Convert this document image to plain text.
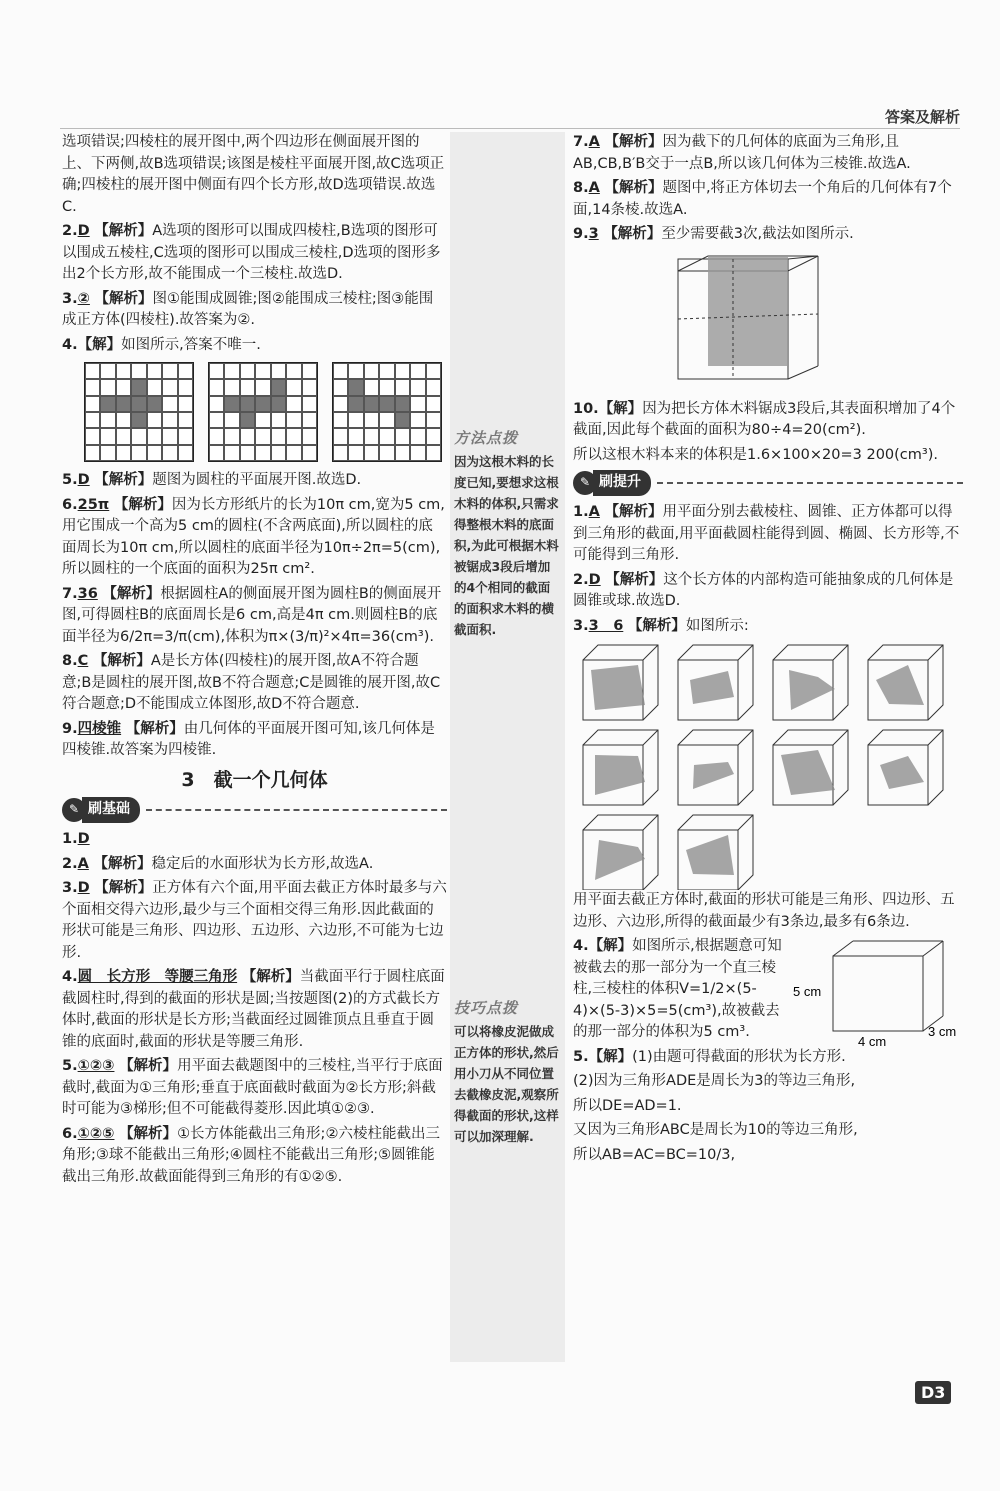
答案及解析

选项错误;四棱柱的展开图中,两个四边形在侧面展开图的上、下两侧,故B选项错误;该图是棱柱平面展开图,故C选项正确;四棱柱的展开图中侧面有四个长方形,故D选项错误.故选C.

2.D 【解析】A选项的图形可以围成四棱柱,B选项的图形可以围成五棱柱,C选项的图形可以围成三棱柱,D选项的图形多出2个长方形,故不能围成一个三棱柱.故选D.

3.② 【解析】图①能围成圆锥;图②能围成三棱柱;图③能围成正方体(四棱柱).故答案为②.

4.【解】如图所示,答案不唯一.

5.D 【解析】题图为圆柱的平面展开图.故选D.

6.25π 【解析】因为长方形纸片的长为10π cm,宽为5 cm,用它围成一个高为5 cm的圆柱(不含两底面),所以圆柱的底面周长为10π cm,所以圆柱的底面半径为10π÷2π=5(cm),所以圆柱的一个底面的面积为25π cm².

7.36 【解析】根据圆柱A的侧面展开图为圆柱B的侧面展开图,可得圆柱B的底面周长是6 cm,高是4π cm.则圆柱B的底面半径为6/2π=3/π(cm),体积为π×(3/π)²×4π=36(cm³).

8.C 【解析】A是长方体(四棱柱)的展开图,故A不符合题意;B是圆柱的展开图,故B不符合题意;C是圆锥的展开图,故C符合题意;D不能围成立体图形,故D不符合题意.

9.四棱锥 【解析】由几何体的平面展开图可知,该几何体是四棱锥.故答案为四棱锥.

3　截一个几何体
✎ 刷基础

1.D

2.A 【解析】稳定后的水面形状为长方形,故选A.

3.D 【解析】正方体有六个面,用平面去截正方体时最多与六个面相交得六边形,最少与三个面相交得三角形.因此截面的形状可能是三角形、四边形、五边形、六边形,不可能为七边形.

4.圆　长方形　等腰三角形 【解析】当截面平行于圆柱底面截圆柱时,得到的截面的形状是圆;当按题图(2)的方式截长方体时,截面的形状是长方形;当截面经过圆锥顶点且垂直于圆锥的底面时,截面的形状是等腰三角形.

5.①②③ 【解析】用平面去截题图中的三棱柱,当平行于底面截时,截面为①三角形;垂直于底面截时截面为②长方形;斜截时可能为③梯形;但不可能截得菱形.因此填①②③.

6.①②⑤ 【解析】①长方体能截出三角形;②六棱柱能截出三角形;③球不能截出三角形;④圆柱不能截出三角形;⑤圆锥能截出三角形.故截面能得到三角形的有①②⑤.

方法点拨
因为这根木料的长度已知,要想求这根木料的体积,只需求得整根木料的底面积,为此可根据木料被锯成3段后增加的4个相同的截面的面积求木料的横截面积.
技巧点拨
可以将橡皮泥做成正方体的形状,然后用小刀从不同位置去截橡皮泥,观察所得截面的形状,这样可以加深理解.

7.A 【解析】因为截下的几何体的底面为三角形,且AB,CB,B′B交于一点B,所以该几何体为三棱锥.故选A.

8.A 【解析】题图中,将正方体切去一个角后的几何体有7个面,14条棱.故选A.

9.3 【解析】至少需要截3次,截法如图所示.

10.【解】因为把长方体木料锯成3段后,其表面积增加了4个截面,因此每个截面的面积为80÷4=20(cm²).

所以这根木料本来的体积是1.6×100×20=3 200(cm³).

✎ 刷提升

1.A 【解析】用平面分别去截棱柱、圆锥、正方体都可以得到三角形的截面,用平面截圆柱能得到圆、椭圆、长方形等,不可能得到三角形.

2.D 【解析】这个长方体的内部构造可能抽象成的几何体是圆锥或球.故选D.

3.3　6 【解析】如图所示:

用平面去截正方体时,截面的形状可能是三角形、四边形、五边形、六边形,所得的截面最少有3条边,最多有6条边.

4.【解】如图所示,根据题意可知被截去的那一部分为一个直三棱柱,三棱柱的体积V=1/2×(5-4)×(5-3)×5=5(cm³),故被截去的那一部分的体积为5 cm³.

5 cm
3 cm
4 cm

5.【解】(1)由题可得截面的形状为长方形.

(2)因为三角形ADE是周长为3的等边三角形,

所以DE=AD=1.

又因为三角形ABC是周长为10的等边三角形,

所以AB=AC=BC=10/3,

D3
